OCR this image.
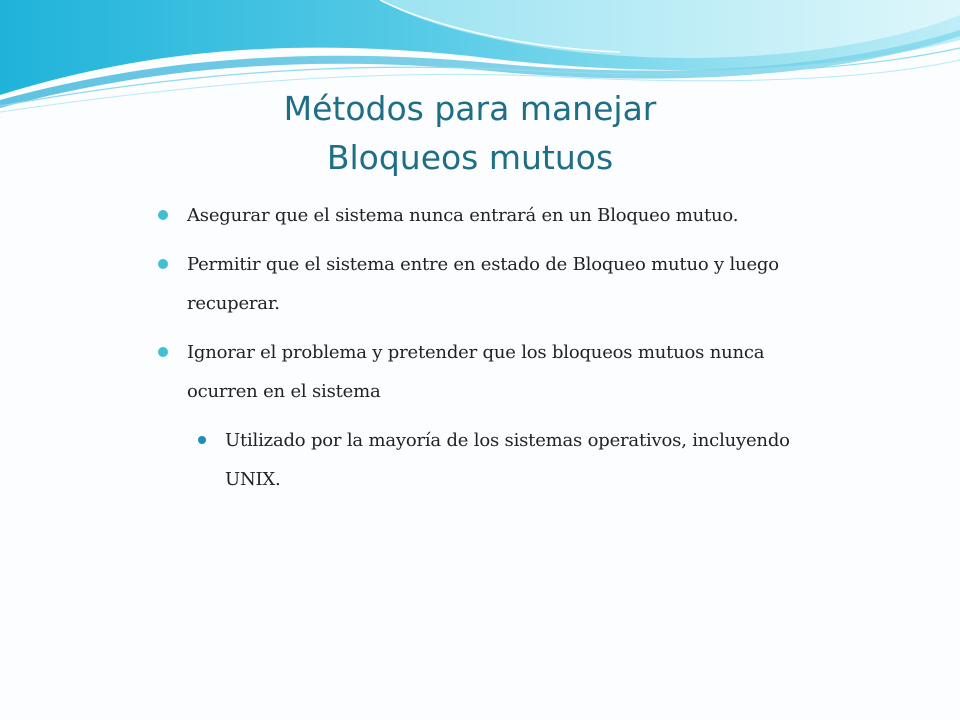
Métodos para manejar
Bloqueos mutuos
Asegurar que el sistema nunca entrará en un Bloqueo mutuo.
Permitir que el sistema entre en estado de Bloqueo mutuo y luego recuperar.
Ignorar el problema y pretender que los bloqueos mutuos nunca ocurren en el sistema
Utilizado por la mayoría de los sistemas operativos, incluyendo UNIX.
